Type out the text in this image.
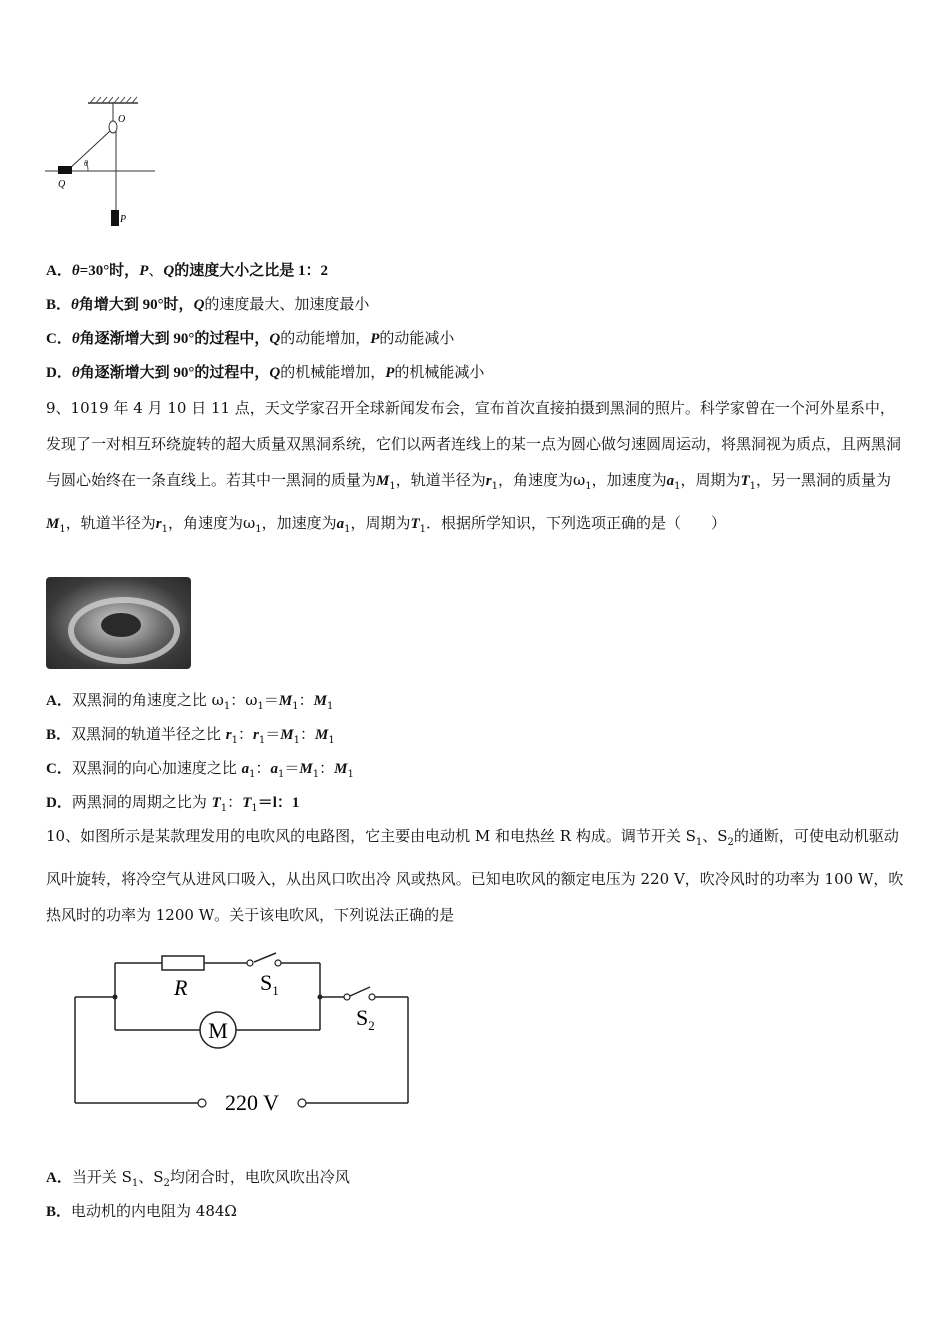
O
Q
P
θ
A．θ=30°时，P、Q的速度大小之比是 1：2
B．θ角增大到 90°时，Q的速度最大、加速度最小
C．θ角逐渐增大到 90°的过程中，Q的动能增加，P的动能减小
D．θ角逐渐增大到 90°的过程中，Q的机械能增加，P的机械能减小
9、1019 年 4 月 10 日 11 点，天文学家召开全球新闻发布会，宣布首次直接拍摄到黑洞的照片。科学家曾在一个河外星系中，发现了一对相互环绕旋转的超大质量双黑洞系统，它们以两者连线上的某一点为圆心做匀速圆周运动，将黑洞视为质点，且两黑洞与圆心始终在一条直线上。若其中一黑洞的质量为$M_1$，轨道半径为$r_1$，角速度为$\omega_1$，加速度为$a_1$，周期为$T_1$，另一黑洞的质量为$M_1$，轨道半径为$r_1$，角速度为$\omega_1$，加速度为$a_1$，周期为$T_1$．根据所学知识，下列选项正确的是（　　）
A．双黑洞的角速度之比 $\omega_1$：$\omega_1=M_1$：$M_1$
B．双黑洞的轨道半径之比 $r_1$：$r_1=M_1$：$M_1$
C．双黑洞的向心加速度之比 $a_1$：$a_1=M_1$：$M_1$
D．两黑洞的周期之比为 $T_1$：$T_1=l$：1
10、如图所示是某款理发用的电吹风的电路图，它主要由电动机 M 和电热丝 R 构成。调节开关 $S_1$、$S_2$的通断，可使电动机驱动风叶旋转，将冷空气从进风口吸入，从出风口吹出冷 风或热风。已知电吹风的额定电压为 220 V，吹冷风时的功率为 100 W，吹热风时的功率为 1200 W。关于该电吹风，下列说法正确的是
R	$S_1$
$S_2$
M
220 V
A．当开关 $S_1$、$S_2$均闭合时，电吹风吹出冷风
B．电动机的内电阻为 484Ω
